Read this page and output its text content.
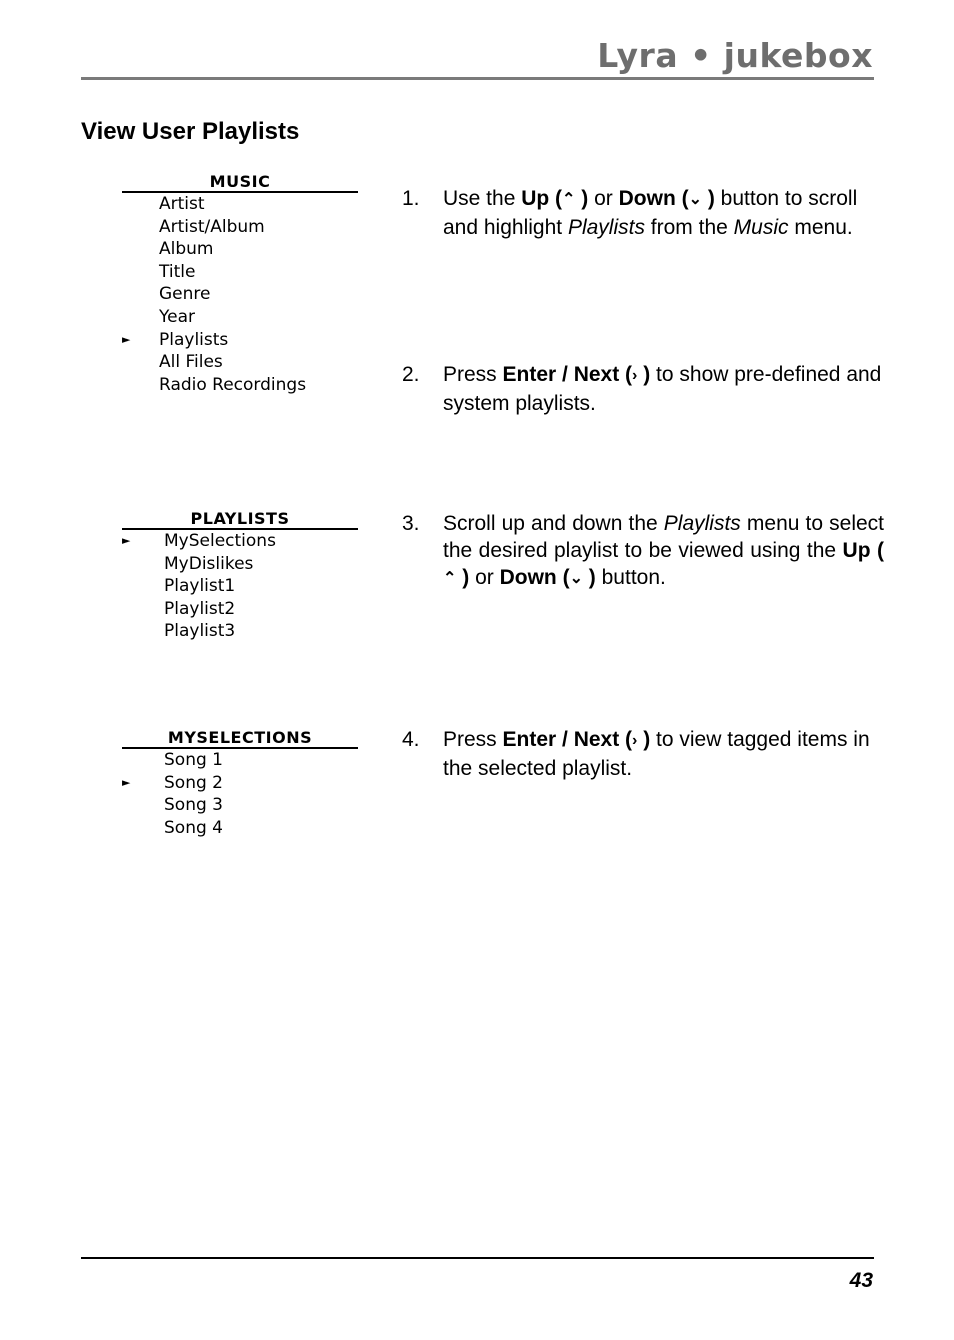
Lyra • jukebox
View User Playlists
MUSIC
Artist
Artist/Album
Album
Title
Genre
Year
► Playlists
All Files
Radio Recordings
PLAYLISTS
► MySelections
MyDislikes
Playlist1
Playlist2
Playlist3
MYSELECTIONS
Song 1
► Song 2
Song 3
Song 4
1. Use the Up (⌃ ) or Down (⌄ ) button to scroll and highlight Playlists from the Music menu.
2. Press Enter / Next (› ) to show pre-defined and system playlists.
3. Scroll up and down the Playlists menu to select the desired playlist to be viewed using the Up (⌃ ) or Down (⌄ ) button.
4. Press Enter / Next (› ) to view tagged items in the selected playlist.
43
